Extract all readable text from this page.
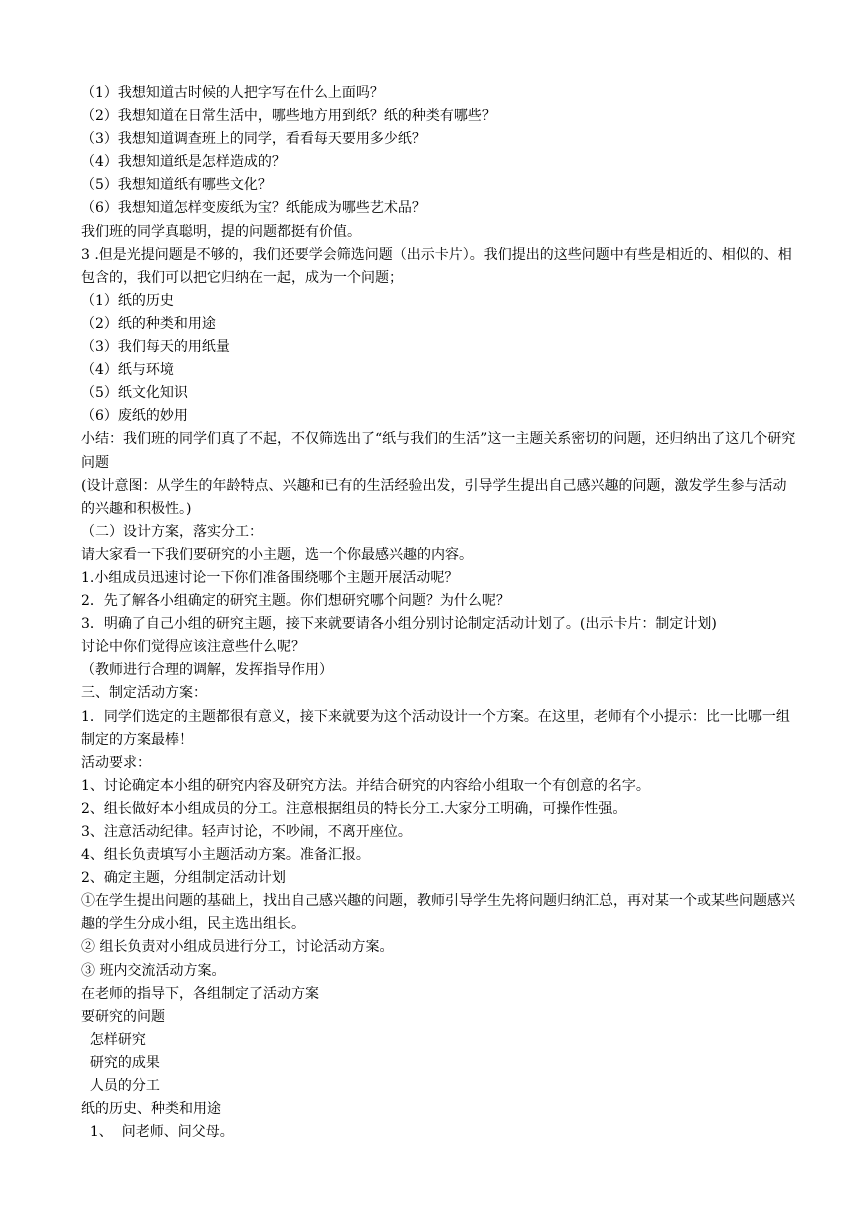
（1）我想知道古时候的人把字写在什么上面吗？

（2）我想知道在日常生活中，哪些地方用到纸？纸的种类有哪些？

（3）我想知道调查班上的同学，看看每天要用多少纸？

（4）我想知道纸是怎样造成的？

（5）我想知道纸有哪些文化？

（6）我想知道怎样变废纸为宝？纸能成为哪些艺术品？

我们班的同学真聪明，提的问题都挺有价值。

3 .但是光提问题是不够的，我们还要学会筛选问题（出示卡片）。我们提出的这些问题中有些是相近的、相似的、相包含的，我们可以把它归纳在一起，成为一个问题；

（1）纸的历史

（2）纸的种类和用途

（3）我们每天的用纸量

（4）纸与环境

（5）纸文化知识

（6）废纸的妙用

小结：我们班的同学们真了不起，不仅筛选出了“纸与我们的生活”这一主题关系密切的问题，还归纳出了这几个研究问题

(设计意图：从学生的年龄特点、兴趣和已有的生活经验出发，引导学生提出自己感兴趣的问题，激发学生参与活动的兴趣和积极性。)

（二）设计方案，落实分工：

请大家看一下我们要研究的小主题，选一个你最感兴趣的内容。

1.小组成员迅速讨论一下你们准备围绕哪个主题开展活动呢？

2．先了解各小组确定的研究主题。你们想研究哪个问题？为什么呢？

3．明确了自己小组的研究主题，接下来就要请各小组分别讨论制定活动计划了。(出示卡片：制定计划)

讨论中你们觉得应该注意些什么呢？

（教师进行合理的调解，发挥指导作用）

三、制定活动方案：

1．同学们选定的主题都很有意义，接下来就要为这个活动设计一个方案。在这里，老师有个小提示：比一比哪一组制定的方案最棒！

活动要求：

1、讨论确定本小组的研究内容及研究方法。并结合研究的内容给小组取一个有创意的名字。

2、组长做好本小组成员的分工。注意根据组员的特长分工.大家分工明确，可操作性强。

3、注意活动纪律。轻声讨论，不吵闹，不离开座位。

4、组长负责填写小主题活动方案。准备汇报。

2、确定主题，分组制定活动计划

①在学生提出问题的基础上，找出自己感兴趣的问题，教师引导学生先将问题归纳汇总，再对某一个或某些问题感兴趣的学生分成小组，民主选出组长。

② 组长负责对小组成员进行分工，讨论活动方案。

③ 班内交流活动方案。

在老师的指导下，各组制定了活动方案

要研究的问题

怎样研究

研究的成果

人员的分工

纸的历史、种类和用途

1、  问老师、问父母。
